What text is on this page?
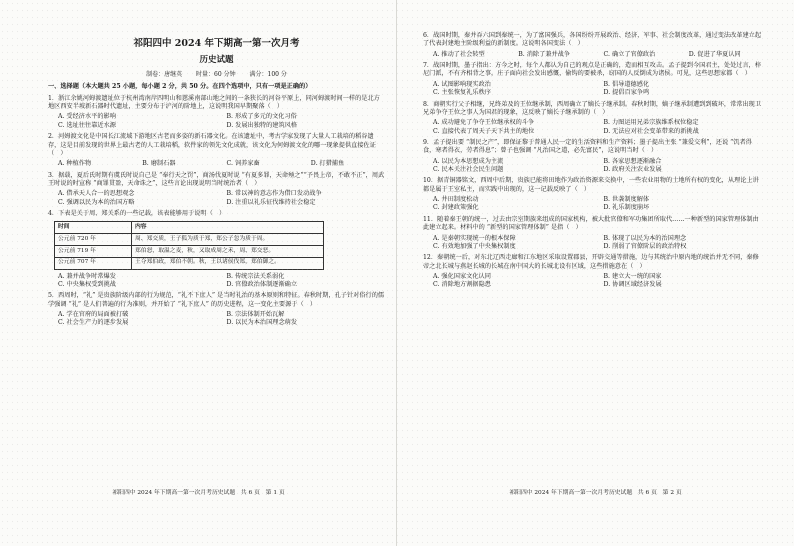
祁阳四中 2024 年下期高一第一次月考
历史试题
制卷：唐继英 时量：60 分钟 满分：100 分
一、选择题（本大题共 25 小题，每小题 2 分，共 50 分。在四个选项中，只有一项是正确的）
1．浙江余姚河姆渡遗址位于杭州湾南岸四明山和慈溪南部山地之间的一条狭长的河谷平原上，同河姆渡时间一样的是北方地区西安半坡新石器时代遗址，主要分布于浐河的阶地上，这说明我国早期聚落（　）
A. 受经济水平的影响	B. 形成了多元的文化习俗
C. 选址往往靠近水源	D. 发展出独特的建筑风格
2．河姆渡文化是中国长江流域下游地区古老而多姿的新石器文化。在该遗址中，考古学家发现了大量人工栽培的稻谷遗存，这是目前发现的世界上最古老的人工栽培稻，软件家的领先文化成就，该文化为何姆渡文化的哪一现象提供直接佐证（　）
A. 种植作物	B. 磨制石器	C. 饲养家畜	D. 打猎捕鱼
3．据载，夏后氏时期有虞氏时说自己是 “奉行天之罚”，商汤伐夏时说 “有夏多罪，天命殛之”“予畏上帝，不敢不正”，周武王时说的时宣称 “商罪贯盈，天命诛之”，这些言论出现说明当时统治者（　）
A. 借承天人合一的思想观念	B. 常以神的意志作为借口发动战争
C. 强调以民为本的治国方略	D. 注重以礼乐征伐维持社会稳定
4．下表是关于周、郑关系的一些记载，该表能够用于说明（　）
时间	内容
公元前 720 年	周、郑交质，王子狐为质于郑，郑公子忽为质于周。
公元前 719 年	郑伯怒，取温之麦，秋，又取成周之禾，周、郑交恶。
公元前 707 年	王夺郑伯政，郑伯不朝。秋，王以诸侯伐郑，郑伯御之。
A. 兼并战争时常爆发	B. 传统宗法关系弱化
C. 中央集权受到挑战	D. 官僚政治体制逐渐确立
5．西周时，“礼” 是贵族阶级内部的行为规范，“礼不下庶人” 是当时礼治的基本原则和特征。春秋时期，孔子针对俗行的儒学强调 “礼” 是人们普遍的行为准则，并开始了 “礼下庶人” 的历史进程，这一变化主要源于（　）
A. 学在官府的局面被打破	B. 宗法体制开始瓦解
C. 社会生产力的逐步发展	D. 以民为本治国理念萌发
祁阳四中 2024 年下期高一第一次月考历史试题　共 6 页　第 1 页
6．战国时期，秦并吞六国到秦统一，为了富国强兵，各国纷纷开展政治、经济、军事、社会制度改革，通过变法改革建立起了代表封建地主阶级利益的新制度。这说明各国变法（　）
A. 推动了社会转型	B. 消除了兼并战争	C. 确立了官僚政治	D. 促进了华夏认同
7．战国时期，墨子指出：方今之时，每个人都认为自己的观点是正确的，造而相互攻击。孟子提到今国君主，处处过言，梓尼门派，不有齐相背之事，庄子面向社会发出感慨，偷钩的要被杀，窃国的人反倒成为诸侯。可见，这些思想家都（　）
A. 试图影响现实政治	B. 倡导道德感化
C. 主张恢复礼乐秩序	D. 提倡百家争鸣
8．商朝实行父子相继，兄终弟及的王位继承制，西周确立了嫡长子继承制。春秋时期，嫡子继承制遭到到破坏，常常出现卫兄弟争夺王位之事人为国君的现象，这反映了嫡长子继承制的（　）
A. 成功避免了争夺王位继承权的斗争	B. 力图运用兄弟宗族维系权位稳定
C. 直接代表了周天子天下共主的地位	D. 无法应对社会变革带来的新挑战
9．孟子提出要 “制民之产”，即保证黎于普通人民一定的生活资料和生产资料；墨子提出主张 “兼爱交利”，还说 “饥者得食，寒者得衣，劳者得息”；曾子也强调 “凡治国之道，必先富民”，这说明当时（　）
A. 以民为本思想成为主流	B. 各家思想逐渐融合
C. 民本关注社会民生问题	D. 政府关注农业发展
10．据青铜器铭文，西周中后期，贵族已能将田地作为政治资源来交换中，一些农业用物的土地所有权的变化，从理论上讲都是属于王室私主，而实践中出现的，这一记载反映了（　）
A. 井田制度松动	B. 世袭制度解体
C. 封建政策强化	D. 礼乐制度崩坏
11．随着秦王朝的统一，过去由宗室期族来组成的国家机构，被大批官僚和军功集团所取代……一种新型的国家管理体制由此建立起来。材料中的 “新型的国家管理体制” 是指（　）
A. 是秦朝实现统一的根本保障	B. 体现了以民为本的治国理念
C. 有效地加强了中央集权制度	D. 削弱了官僚阶层的政治特权
12．秦朝统一后，对东北辽西走廊和江东地区采取设置郡县，开辟交通等措施，边与其统治中原内地的统治并无不同，秦修帝之北长城与燕赵长城的长城在南中国大的长城北设有区域，这些措施意在（　）
A. 强化国家文化认同	B. 建立大一统的国家
C. 消除地方割据隐患	D. 协调区域经济发展
祁阳四中 2024 年下期高一第一次月考历史试题　共 6 页　第 2 页
